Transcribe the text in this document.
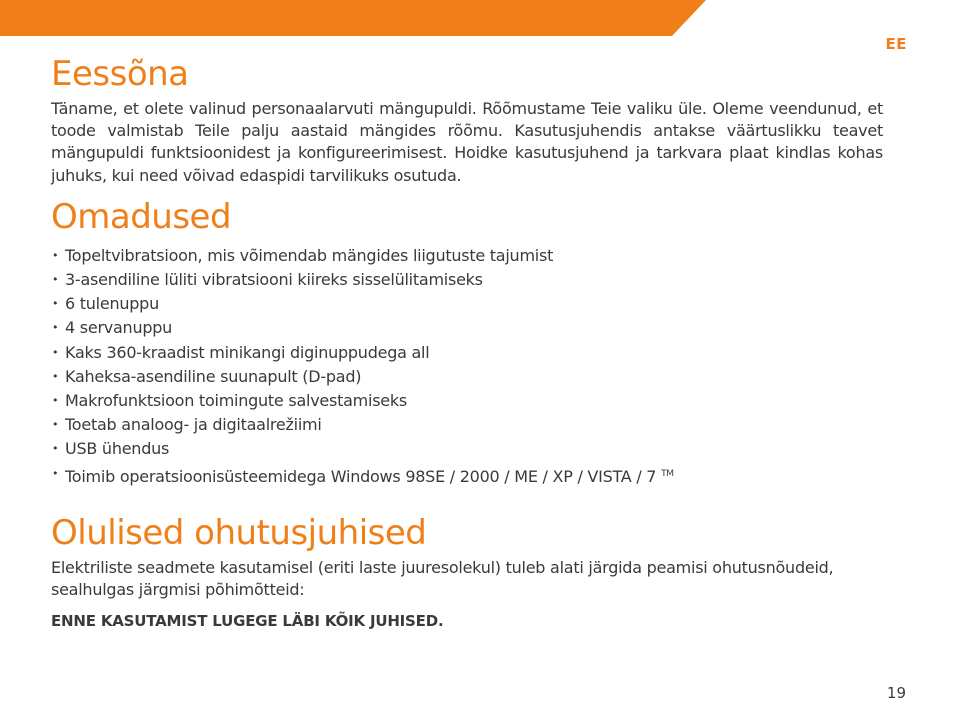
EE
Eessõna

Täname, et olete valinud personaalarvuti mängupuldi. Rõõmustame Teie valiku üle. Oleme veendunud, et toode valmistab Teile palju aastaid mängides rõõmu. Kasutusjuhendis antakse väärtuslikku teavet mängupuldi funktsioonidest ja konfigureerimisest. Hoidke kasutusjuhend ja tarkvara plaat kindlas kohas juhuks, kui need võivad edaspidi tarvilikuks osutuda.

Omadused
• Topeltvibratsioon, mis võimendab mängides liigutuste tajumist
• 3-asendiline lüliti vibratsiooni kiireks sisselülitamiseks
• 6 tulenuppu
• 4 servanuppu
• Kaks 360-kraadist minikangi diginuppudega all
• Kaheksa-asendiline suunapult (D-pad)
• Makrofunktsioon toimingute salvestamiseks
• Toetab analoog- ja digitaalrežiimi
• USB ühendus
• Toimib operatsioonisüsteemidega Windows 98SE / 2000 / ME / XP / VISTA / 7 ™
Olulised ohutusjuhised

Elektriliste seadmete kasutamisel (eriti laste juuresolekul) tuleb alati järgida peamisi ohutusnõudeid, sealhulgas järgmisi põhimõtteid:

ENNE KASUTAMIST LUGEGE LÄBI KÕIK JUHISED.

19
